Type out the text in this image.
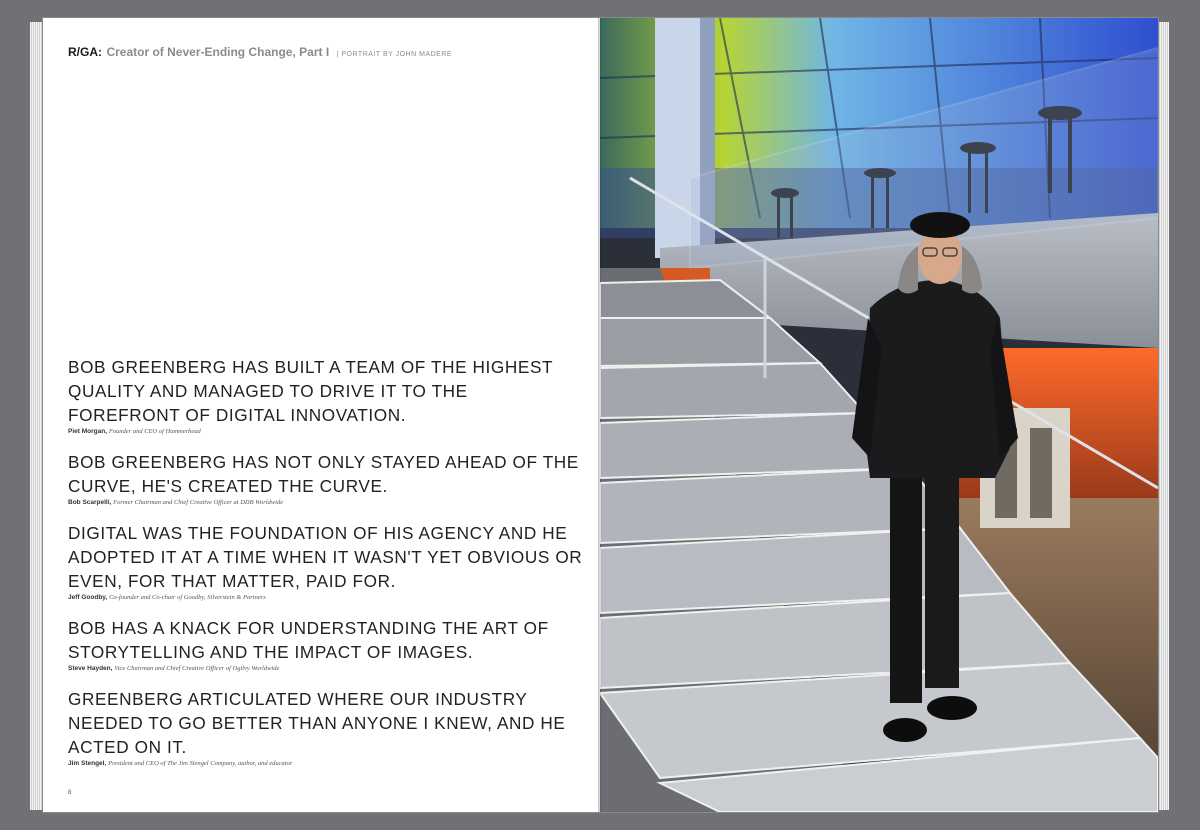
R/GA: Creator of Never-Ending Change, Part I | PORTRAIT BY JOHN MADERE

BOB GREENBERG HAS BUILT A TEAM OF THE HIGHEST QUALITY AND MANAGED TO DRIVE IT TO THE FOREFRONT OF DIGITAL INNOVATION.

Piet Morgan, Founder and CEO of Hammerhead

BOB GREENBERG HAS NOT ONLY STAYED AHEAD OF THE CURVE, HE'S CREATED THE CURVE.

Bob Scarpelli, Former Chairman and Chief Creative Officer at DDB Worldwide

DIGITAL WAS THE FOUNDATION OF HIS AGENCY AND HE ADOPTED IT AT A TIME WHEN IT WASN'T YET OBVIOUS OR EVEN, FOR THAT MATTER, PAID FOR.

Jeff Goodby, Co-founder and Co-chair of Goodby, Silverstein & Partners

BOB HAS A KNACK FOR UNDERSTANDING THE ART OF STORYTELLING AND THE IMPACT OF IMAGES.

Steve Hayden, Vice Chairman and Chief Creative Officer of Ogilvy Worldwide

GREENBERG ARTICULATED WHERE OUR INDUSTRY NEEDED TO GO BETTER THAN ANYONE I KNEW, AND HE ACTED ON IT.

Jim Stengel, President and CEO of The Jim Stengel Company, author, and educator
8
